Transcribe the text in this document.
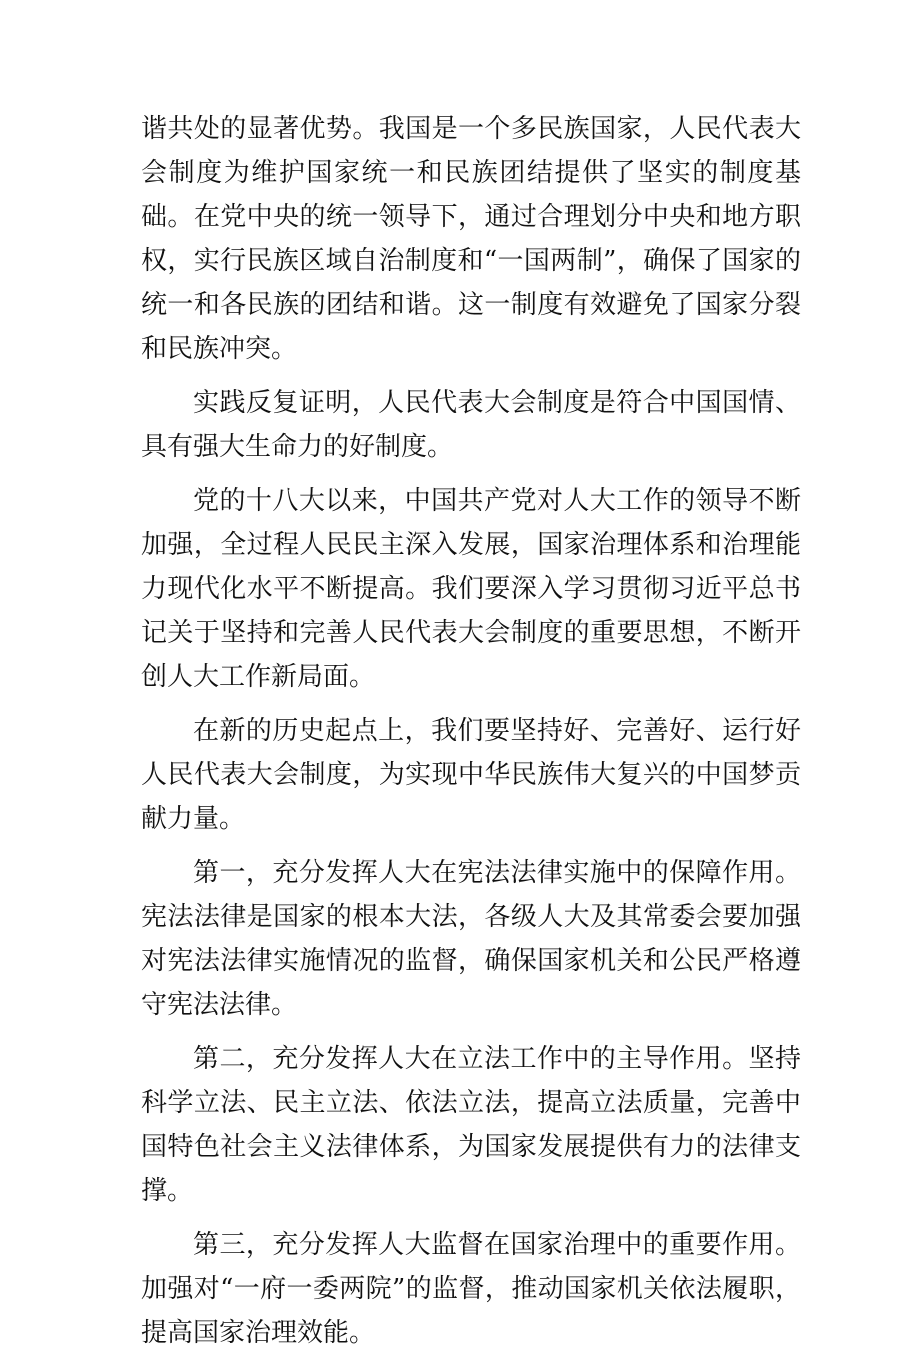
谐共处的显著优势。我国是一个多民族国家，人民代表大会制度为维护国家统一和民族团结提供了坚实的制度基础。在党中央的统一领导下，通过合理划分中央和地方职权，实行民族区域自治制度和“一国两制”，确保了国家的统一和各民族的团结和谐。这一制度有效避免了国家分裂和民族冲突。

实践反复证明，人民代表大会制度是符合中国国情、具有强大生命力的好制度。

党的十八大以来，中国共产党对人大工作的领导不断加强，全过程人民民主深入发展，国家治理体系和治理能力现代化水平不断提高。我们要深入学习贯彻习近平总书记关于坚持和完善人民代表大会制度的重要思想，不断开创人大工作新局面。

在新的历史起点上，我们要坚持好、完善好、运行好人民代表大会制度，为实现中华民族伟大复兴的中国梦贡献力量。

第一，充分发挥人大在宪法法律实施中的保障作用。宪法法律是国家的根本大法，各级人大及其常委会要加强对宪法法律实施情况的监督，确保国家机关和公民严格遵守宪法法律。

第二，充分发挥人大在立法工作中的主导作用。坚持科学立法、民主立法、依法立法，提高立法质量，完善中国特色社会主义法律体系，为国家发展提供有力的法律支撑。

第三，充分发挥人大监督在国家治理中的重要作用。加强对“一府一委两院”的监督，推动国家机关依法履职，提高国家治理效能。
